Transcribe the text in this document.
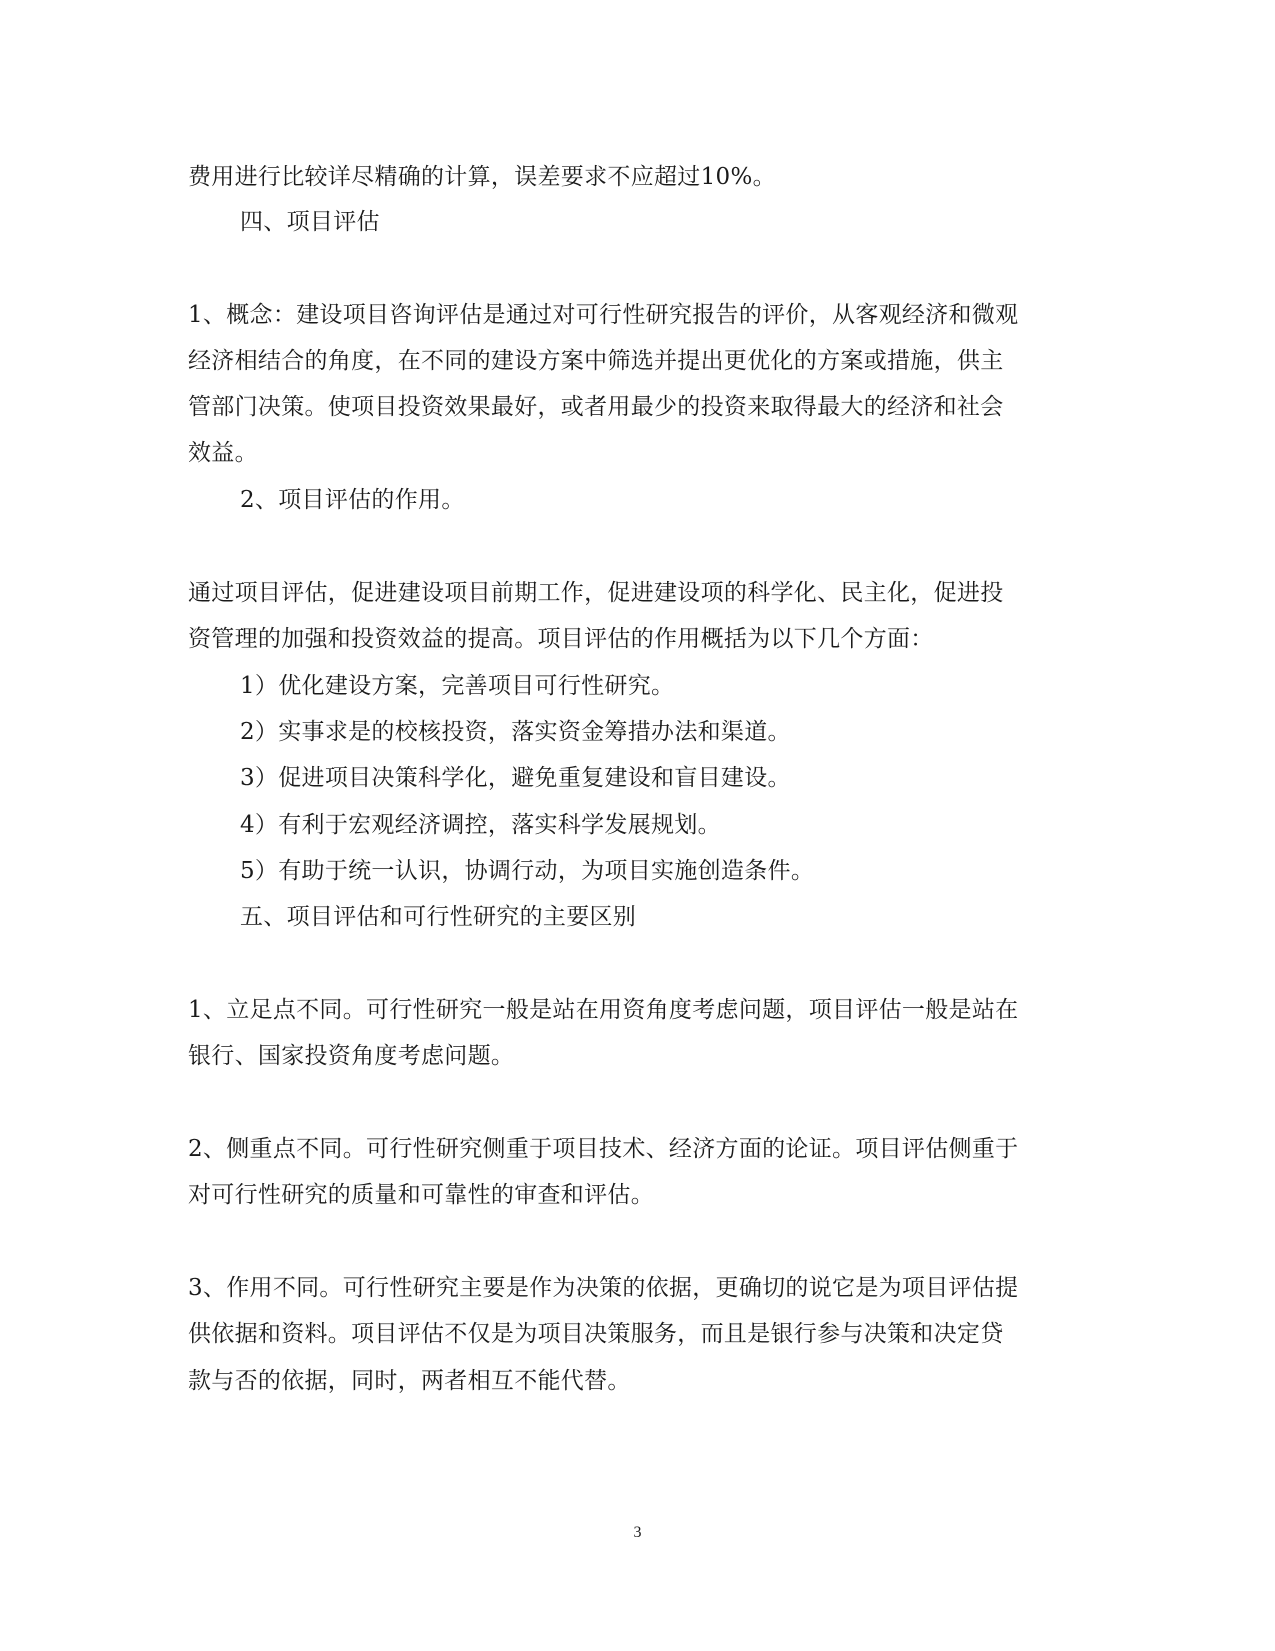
费用进行比较详尽精确的计算，误差要求不应超过10%。
四、项目评估
1、概念：建设项目咨询评估是通过对可行性研究报告的评价，从客观经济和微观
经济相结合的角度，在不同的建设方案中筛选并提出更优化的方案或措施，供主
管部门决策。使项目投资效果最好，或者用最少的投资来取得最大的经济和社会
效益。
2、项目评估的作用。
通过项目评估，促进建设项目前期工作，促进建设项的科学化、民主化，促进投
资管理的加强和投资效益的提高。项目评估的作用概括为以下几个方面：
1）优化建设方案，完善项目可行性研究。
2）实事求是的校核投资，落实资金筹措办法和渠道。
3）促进项目决策科学化，避免重复建设和盲目建设。
4）有利于宏观经济调控，落实科学发展规划。
5）有助于统一认识，协调行动，为项目实施创造条件。
五、项目评估和可行性研究的主要区别
1、立足点不同。可行性研究一般是站在用资角度考虑问题，项目评估一般是站在
银行、国家投资角度考虑问题。
2、侧重点不同。可行性研究侧重于项目技术、经济方面的论证。项目评估侧重于
对可行性研究的质量和可靠性的审查和评估。
3、作用不同。可行性研究主要是作为决策的依据，更确切的说它是为项目评估提
供依据和资料。项目评估不仅是为项目决策服务，而且是银行参与决策和决定贷
款与否的依据，同时，两者相互不能代替。
3
